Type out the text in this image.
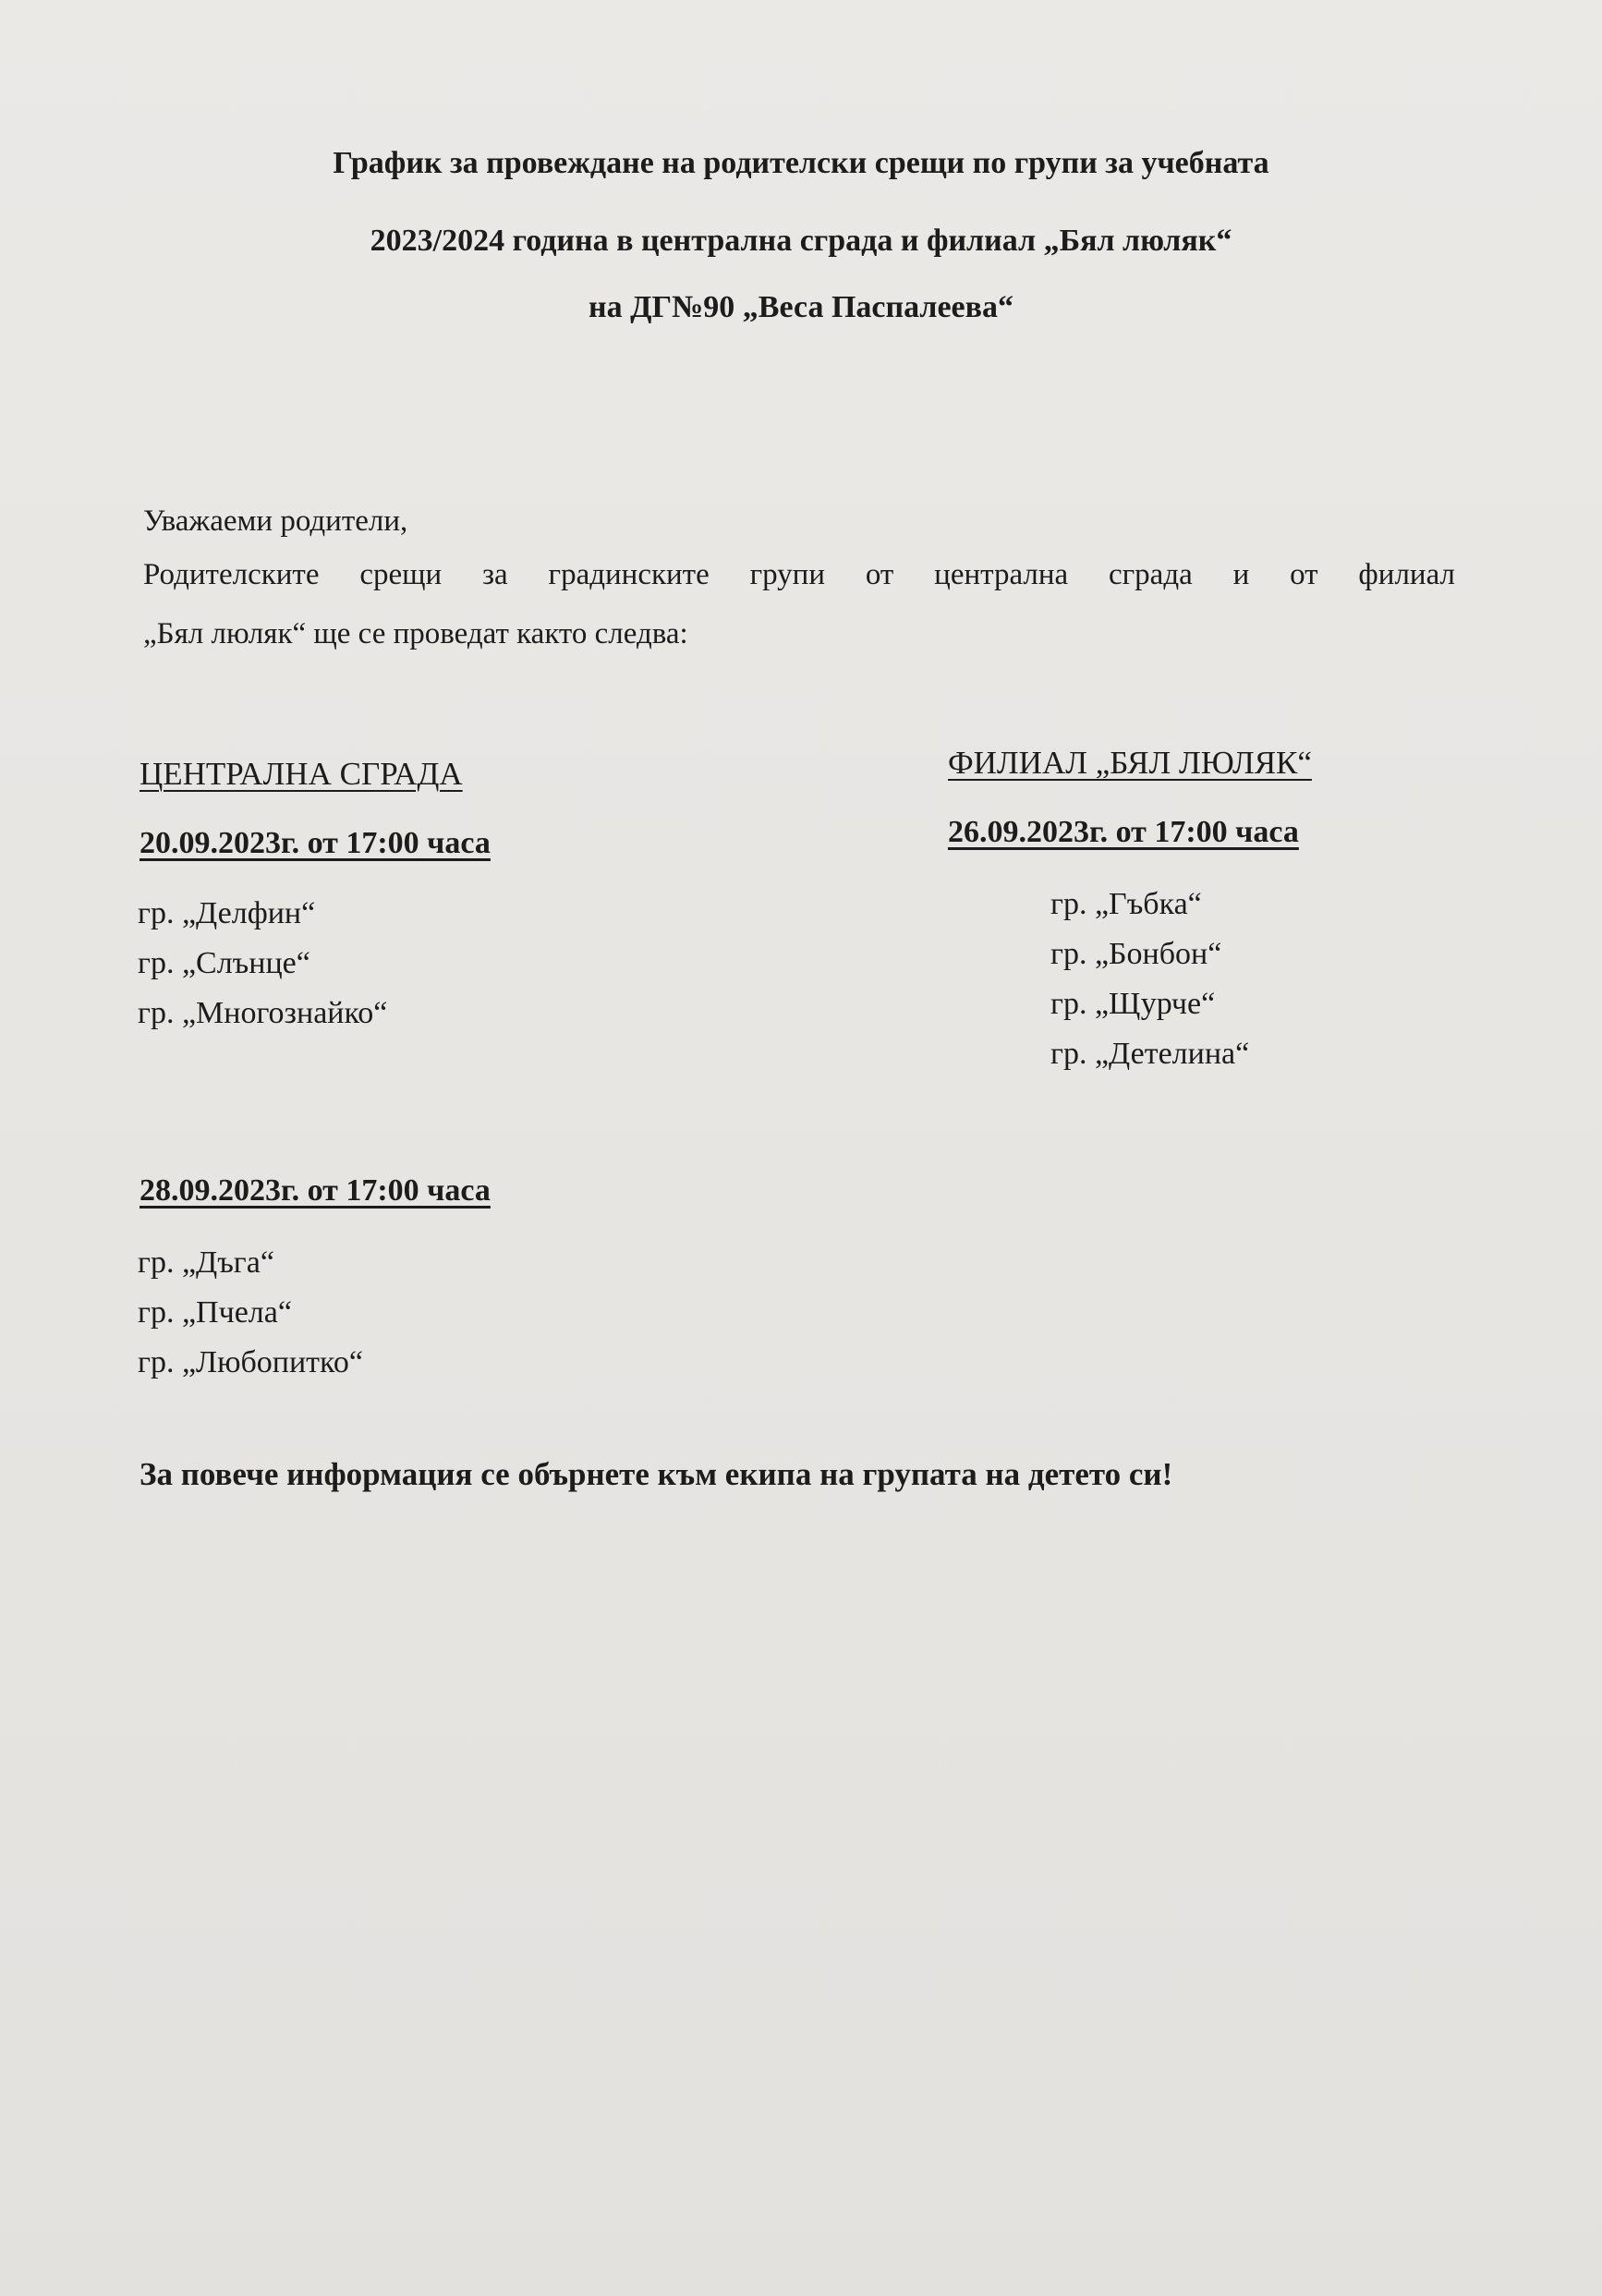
График за провеждане на родителски срещи по групи за учебната
2023/2024 година в централна сграда и филиал „Бял люляк“
на ДГ№90 „Веса Паспалеева“
Уважаеми родители,
Родителските срещи за градинските групи от централна сграда и от филиал
„Бял люляк“ ще се проведат както следва:
ЦЕНТРАЛНА СГРАДА
20.09.2023г. от 17:00 часа
гр. „Делфин“
гр. „Слънце“
гр. „Многознайко“
28.09.2023г. от 17:00 часа
гр. „Дъга“
гр. „Пчела“
гр. „Любопитко“
ФИЛИАЛ „БЯЛ ЛЮЛЯК“
26.09.2023г. от 17:00 часа
гр. „Гъбка“
гр. „Бонбон“
гр. „Щурче“
гр. „Детелина“
За повече информация се обърнете към екипа на групата на детето си!
